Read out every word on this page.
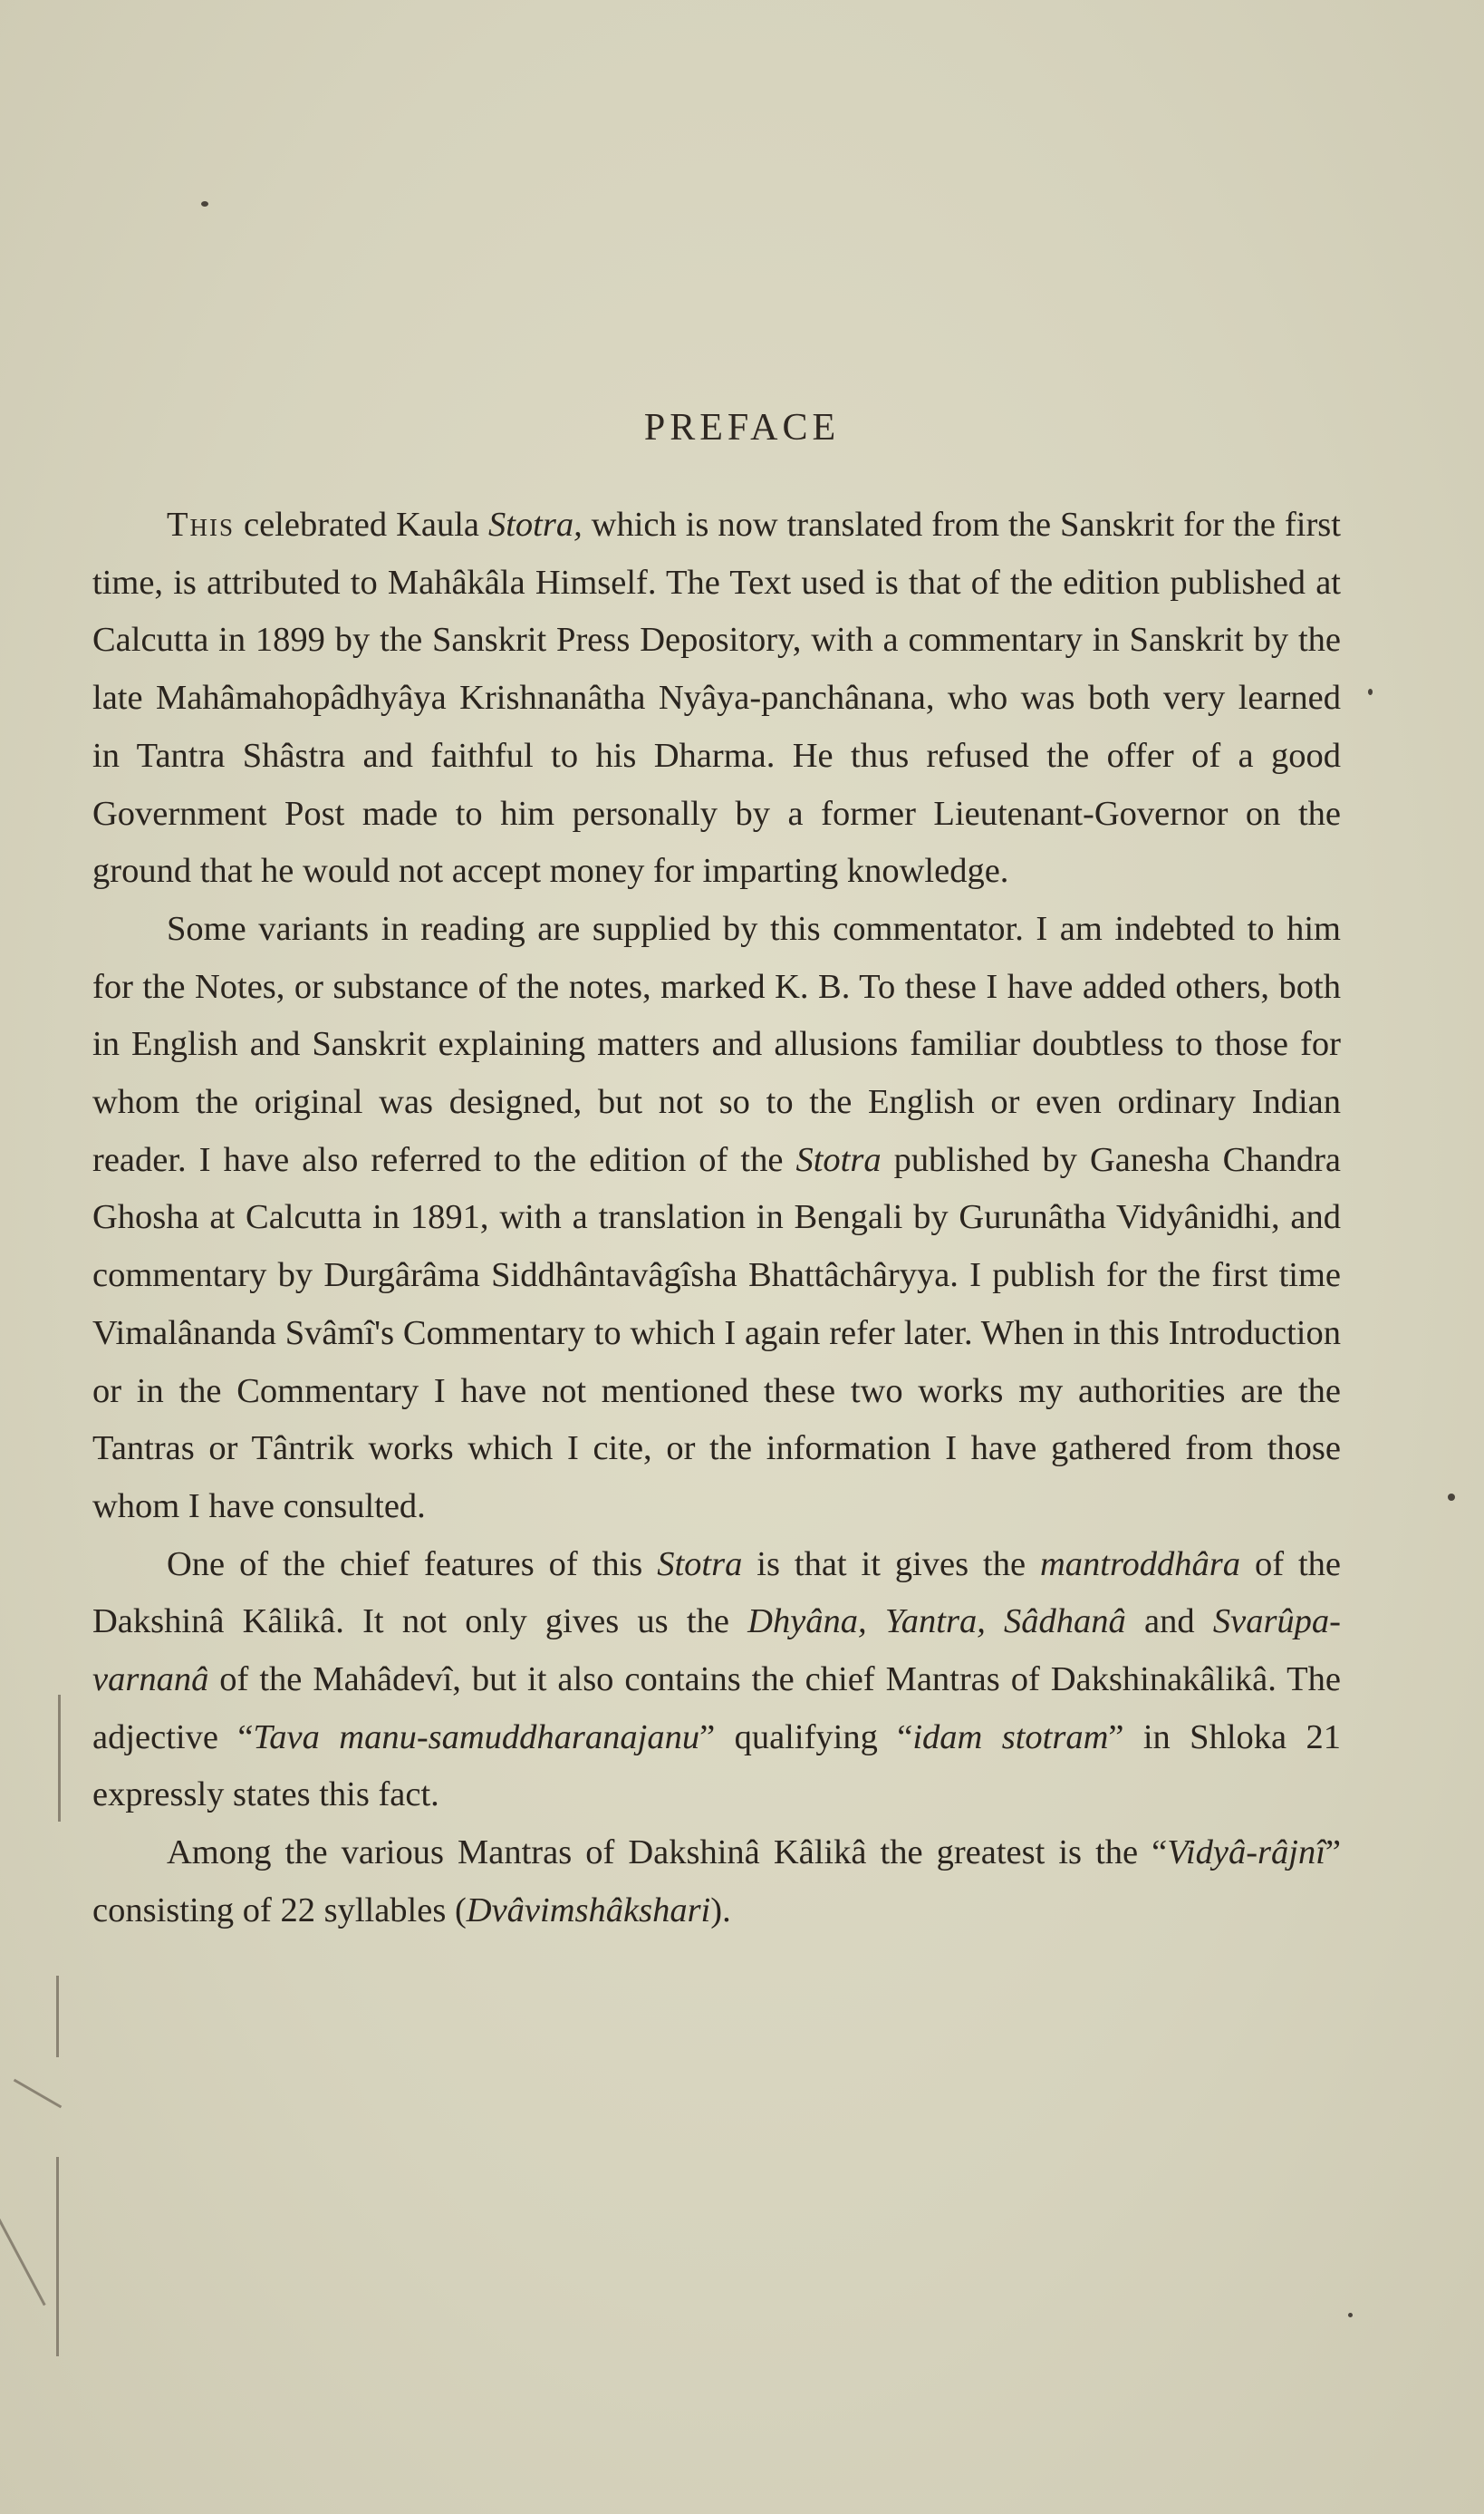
PREFACE

This celebrated Kaula Stotra, which is now translated from the Sanskrit for the first time, is attributed to Mahâkâla Himself. The Text used is that of the edition published at Calcutta in 1899 by the Sanskrit Press Depository, with a commentary in Sanskrit by the late Mahâmahopâdhyâya Krishnanâtha Nyâya-panchânana, who was both very learned in Tantra Shâstra and faithful to his Dharma. He thus refused the offer of a good Government Post made to him personally by a former Lieutenant-Governor on the ground that he would not accept money for imparting knowledge.

Some variants in reading are supplied by this commentator. I am indebted to him for the Notes, or substance of the notes, marked K. B. To these I have added others, both in English and Sanskrit explaining matters and allusions familiar doubtless to those for whom the original was designed, but not so to the English or even ordinary Indian reader. I have also referred to the edition of the Stotra published by Ganesha Chandra Ghosha at Calcutta in 1891, with a translation in Bengali by Gurunâtha Vidyânidhi, and commentary by Durgârâma Siddhântavâgîsha Bhattâchâryya. I publish for the first time Vimalânanda Svâmî's Commentary to which I again refer later. When in this Introduction or in the Commentary I have not mentioned these two works my authorities are the Tantras or Tântrik works which I cite, or the information I have gathered from those whom I have consulted.

One of the chief features of this Stotra is that it gives the mantroddhâra of the Dakshinâ Kâlikâ. It not only gives us the Dhyâna, Yantra, Sâdhanâ and Svarûpa-varnanâ of the Mahâdevî, but it also contains the chief Mantras of Dakshinakâlikâ. The adjective “Tava manu-samuddharanajanu” qualifying “idam stotram” in Shloka 21 expressly states this fact.

Among the various Mantras of Dakshinâ Kâlikâ the greatest is the “Vidyâ-râjnî” consisting of 22 syllables (Dvâvimshâkshari).
